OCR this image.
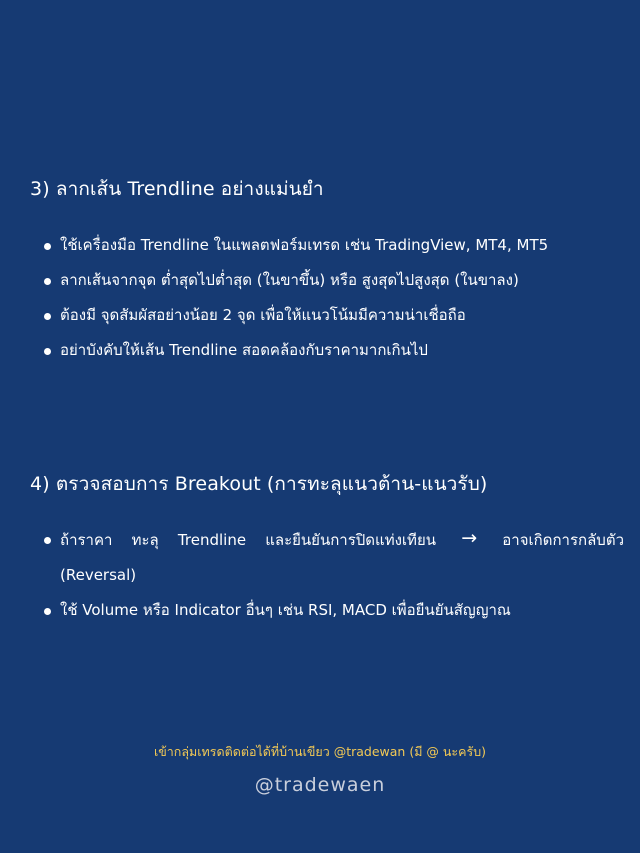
3) ลากเส้น Trendline อย่างแม่นยำ
ใช้เครื่องมือ Trendline ในแพลตฟอร์มเทรด เช่น TradingView, MT4, MT5
ลากเส้นจากจุด ต่ำสุดไปต่ำสุด (ในขาขึ้น) หรือ สูงสุดไปสูงสุด (ในขาลง)
ต้องมี จุดสัมผัสอย่างน้อย 2 จุด เพื่อให้แนวโน้มมีความน่าเชื่อถือ
อย่าบังคับให้เส้น Trendline สอดคล้องกับราคามากเกินไป
4) ตรวจสอบการ Breakout (การทะลุแนวต้าน-แนวรับ)
ถ้าราคา ทะลุ Trendline และยืนยันการปิดแท่งเทียน → อาจเกิดการกลับตัว (Reversal)
ใช้ Volume หรือ Indicator อื่นๆ เช่น RSI, MACD เพื่อยืนยันสัญญาณ
เข้ากลุ่มเทรดติดต่อได้ที่บ้านเขียว @tradewan (มี @ นะครับ)
@tradewaen
